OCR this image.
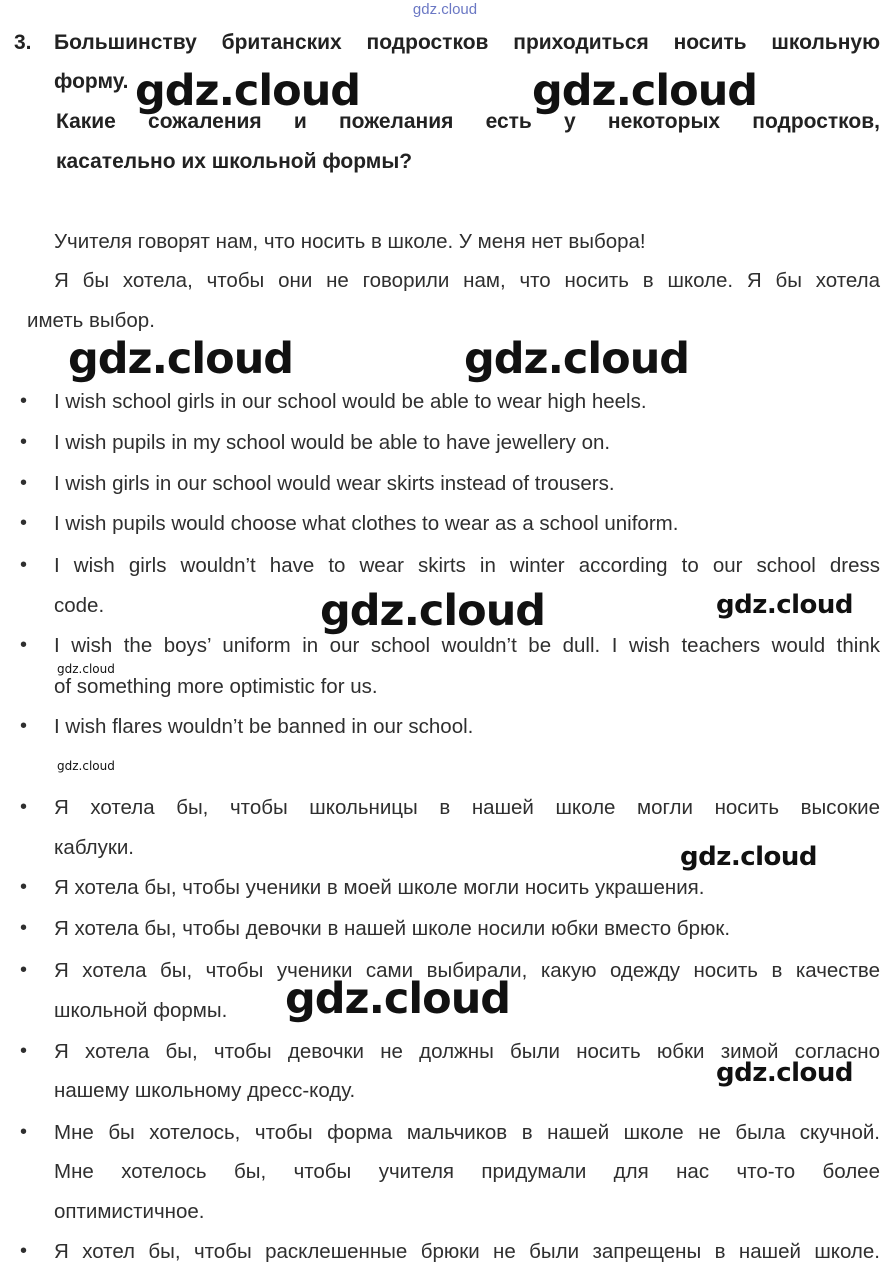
gdz.cloud
3. Большинству британских подростков приходиться носить школьную
форму.
Какие сожаления и пожелания есть у некоторых подростков,
касательно их школьной формы?
Учителя говорят нам, что носить в школе. У меня нет выбора!
Я бы хотела, чтобы они не говорили нам, что носить в школе. Я бы хотела
иметь выбор.
• I wish school girls in our school would be able to wear high heels.
• I wish pupils in my school would be able to have jewellery on.
• I wish girls in our school would wear skirts instead of trousers.
• I wish pupils would choose what clothes to wear as a school uniform.
• I wish girls wouldn’t have to wear skirts in winter according to our school dress
code.
• I wish the boys’ uniform in our school wouldn’t be dull. I wish teachers would think
of something more optimistic for us.
• I wish flares wouldn’t be banned in our school.
• Я хотела бы, чтобы школьницы в нашей школе могли носить высокие
каблуки.
• Я хотела бы, чтобы ученики в моей школе могли носить украшения.
• Я хотела бы, чтобы девочки в нашей школе носили юбки вместо брюк.
• Я хотела бы, чтобы ученики сами выбирали, какую одежду носить в качестве
школьной формы.
• Я хотела бы, чтобы девочки не должны были носить юбки зимой согласно
нашему школьному дресс-коду.
• Мне бы хотелось, чтобы форма мальчиков в нашей школе не была скучной.
Мне хотелось бы, чтобы учителя придумали для нас что-то более
оптимистичное.
• Я хотел бы, чтобы расклешенные брюки не были запрещены в нашей школе.
gdz.cloud	gdz.cloud
gdz.cloud	gdz.cloud
gdz.cloud	gdz.cloud
gdz.cloud
gdz.cloud
gdz.cloud
gdz.cloud
gdz.cloud
